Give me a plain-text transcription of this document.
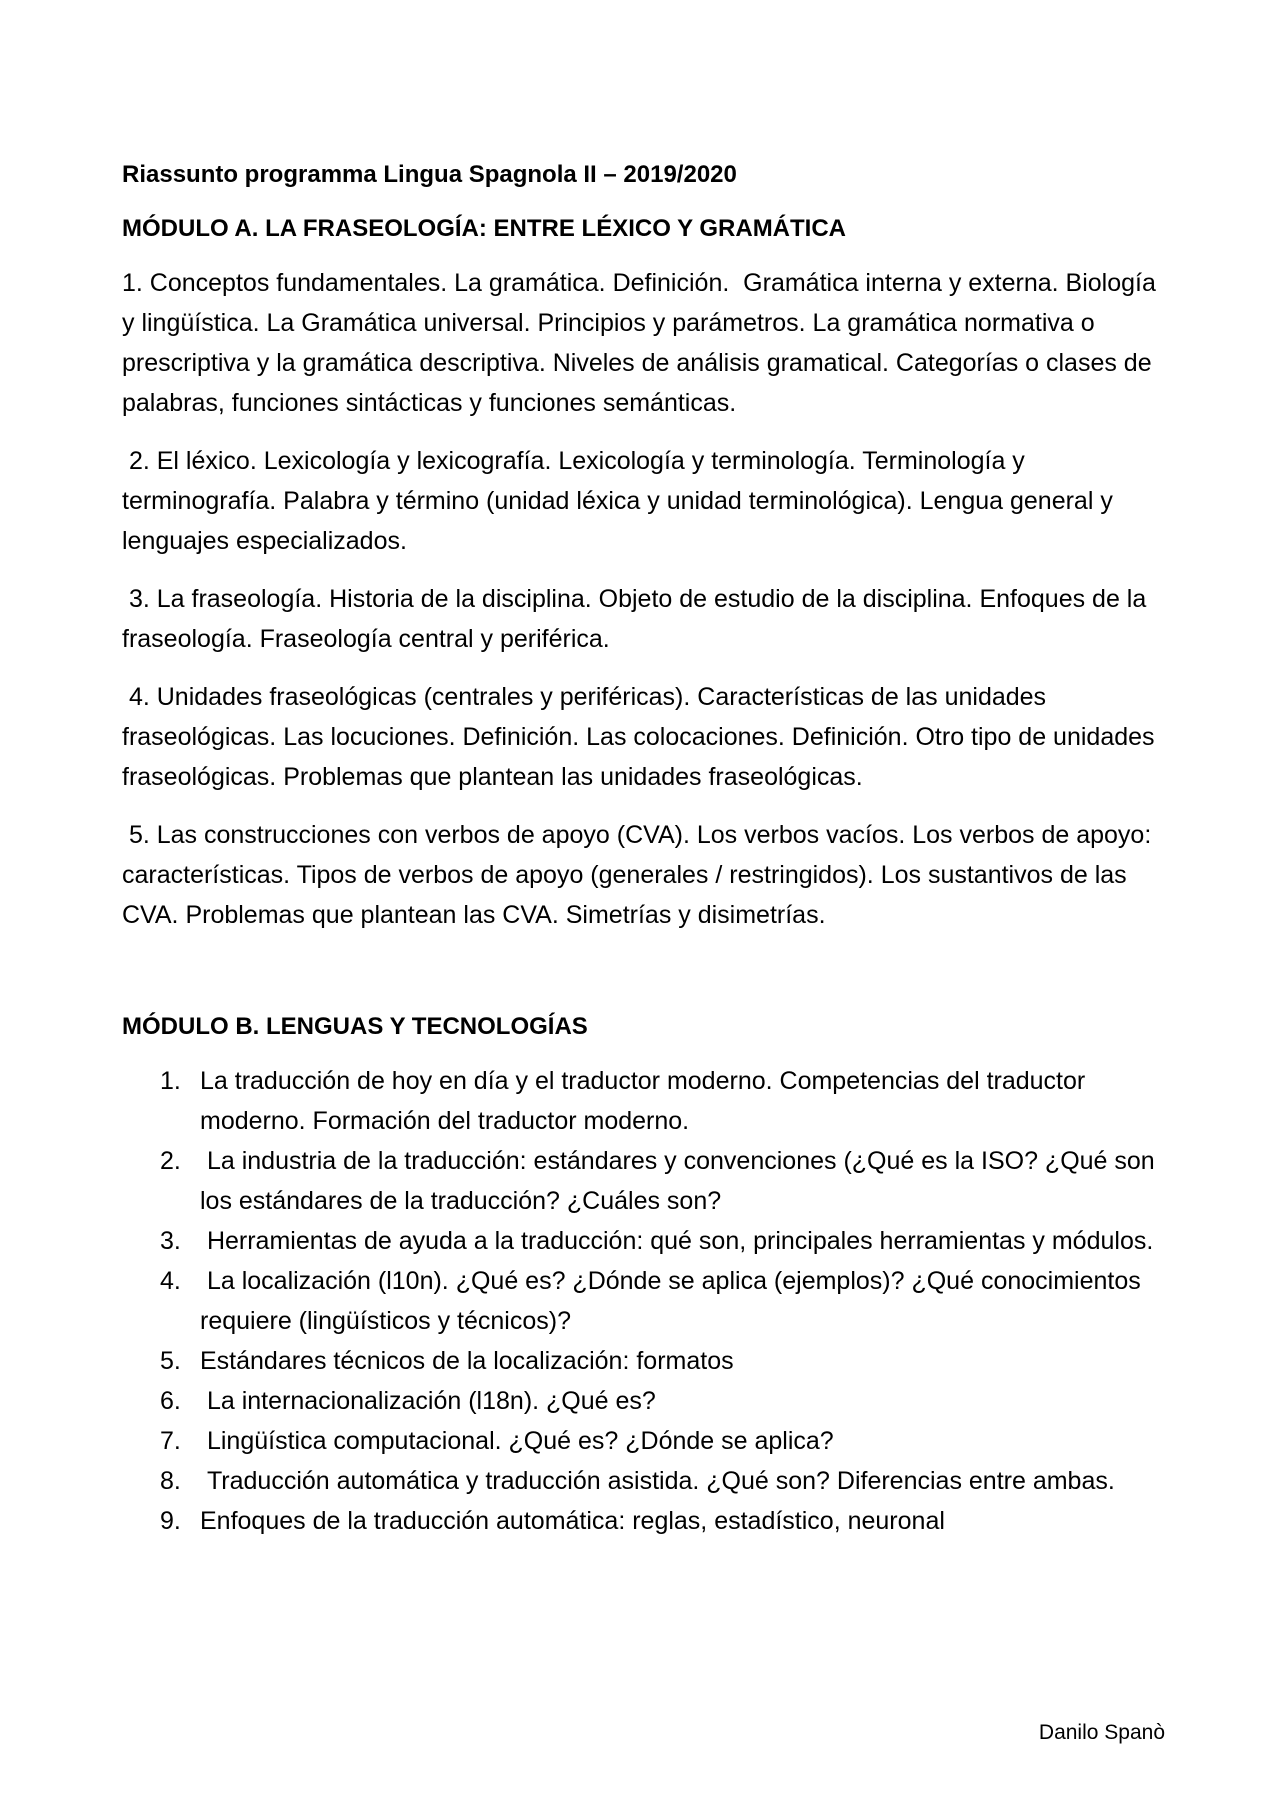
Riassunto programma Lingua Spagnola II – 2019/2020
MÓDULO A. LA FRASEOLOGÍA: ENTRE LÉXICO Y GRAMÁTICA

1. Conceptos fundamentales. La gramática. Definición.  Gramática interna y externa. Biología y lingüística. La Gramática universal. Principios y parámetros. La gramática normativa o prescriptiva y la gramática descriptiva. Niveles de análisis gramatical. Categorías o clases de palabras, funciones sintácticas y funciones semánticas.

2. El léxico. Lexicología y lexicografía. Lexicología y terminología. Terminología y terminografía. Palabra y término (unidad léxica y unidad terminológica). Lengua general y lenguajes especializados.

3. La fraseología. Historia de la disciplina. Objeto de estudio de la disciplina. Enfoques de la fraseología. Fraseología central y periférica.

4. Unidades fraseológicas (centrales y periféricas). Características de las unidades fraseológicas. Las locuciones. Definición. Las colocaciones. Definición. Otro tipo de unidades fraseológicas. Problemas que plantean las unidades fraseológicas.

5. Las construcciones con verbos de apoyo (CVA). Los verbos vacíos. Los verbos de apoyo: características. Tipos de verbos de apoyo (generales / restringidos). Los sustantivos de las CVA. Problemas que plantean las CVA. Simetrías y disimetrías.

MÓDULO B. LENGUAS Y TECNOLOGÍAS
1. La traducción de hoy en día y el traductor moderno. Competencias del traductor moderno. Formación del traductor moderno.
2. La industria de la traducción: estándares y convenciones (¿Qué es la ISO? ¿Qué son los estándares de la traducción? ¿Cuáles son?
3. Herramientas de ayuda a la traducción: qué son, principales herramientas y módulos.
4. La localización (l10n). ¿Qué es? ¿Dónde se aplica (ejemplos)? ¿Qué conocimientos requiere (lingüísticos y técnicos)?
5. Estándares técnicos de la localización: formatos
6. La internacionalización (l18n). ¿Qué es?
7. Lingüística computacional. ¿Qué es? ¿Dónde se aplica?
8. Traducción automática y traducción asistida. ¿Qué son? Diferencias entre ambas.
9. Enfoques de la traducción automática: reglas, estadístico, neuronal
Danilo Spanò
